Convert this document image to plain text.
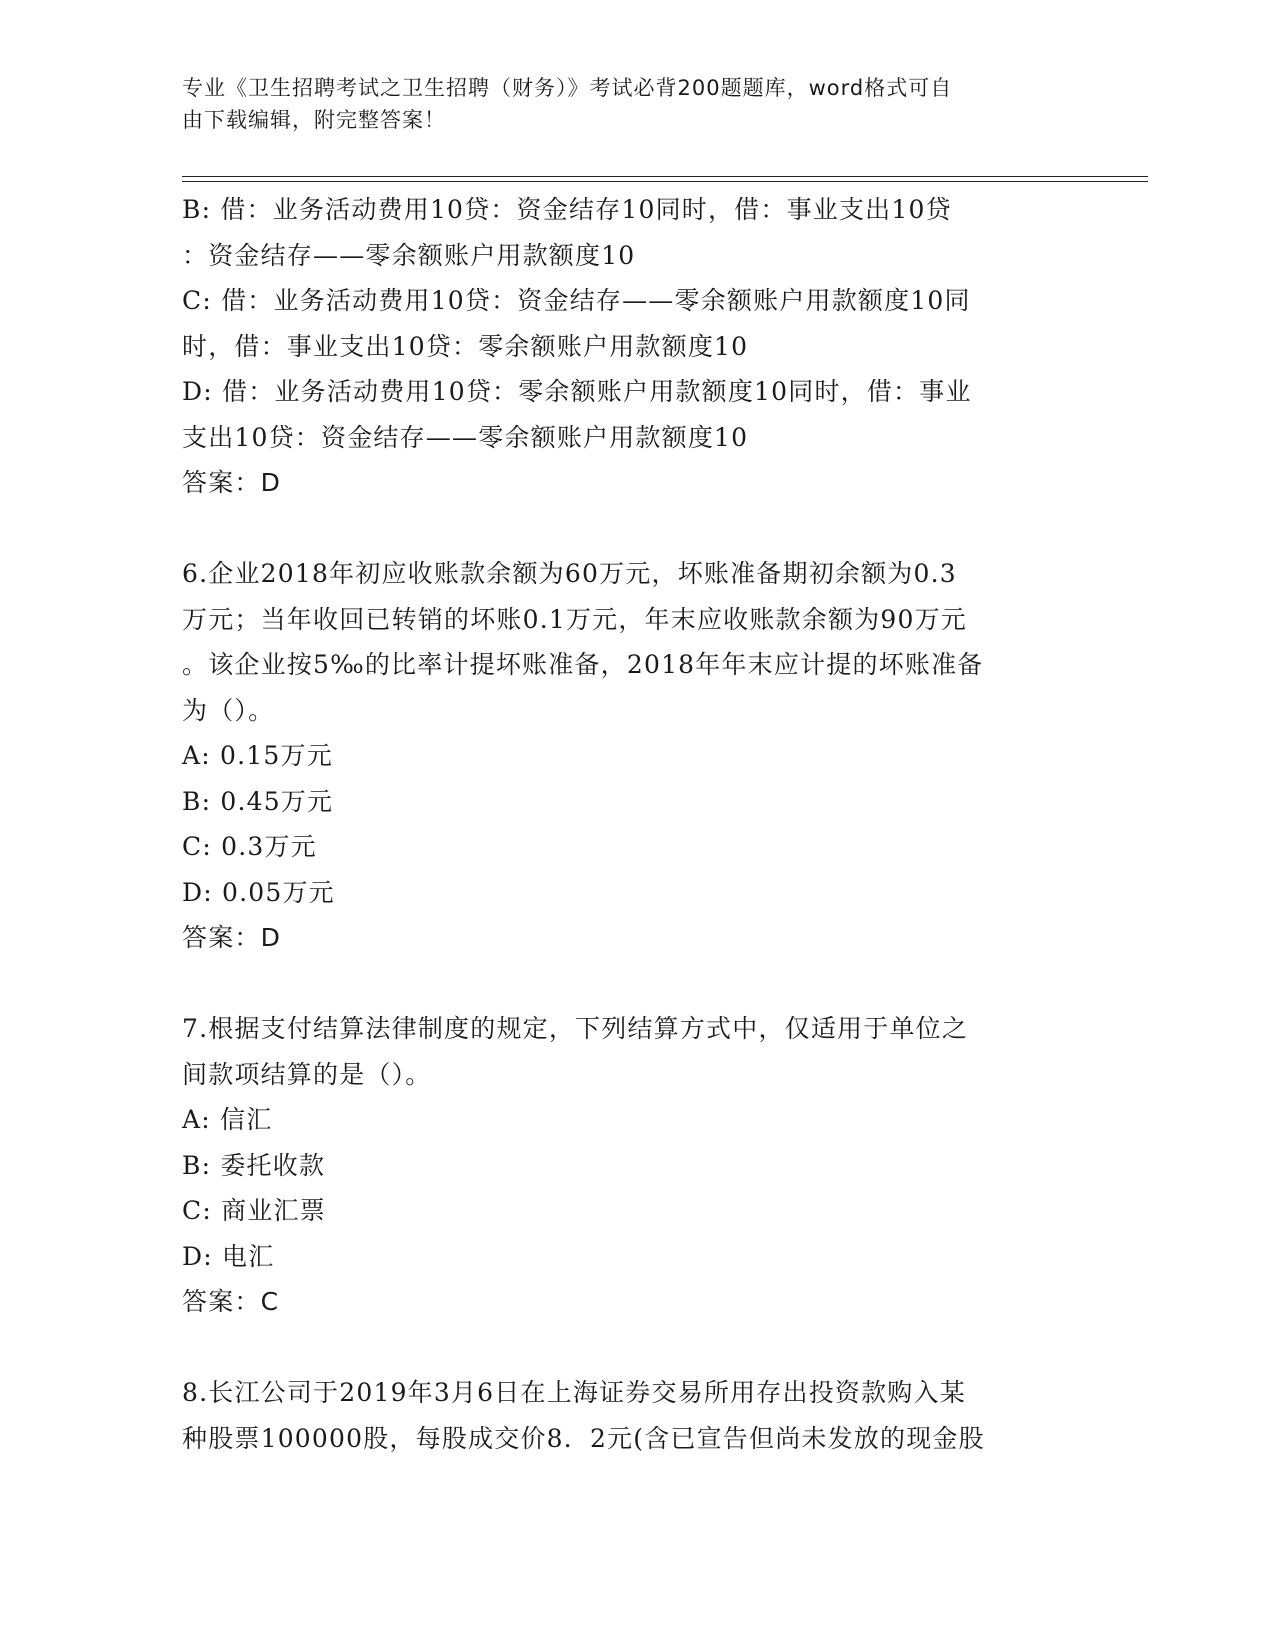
专业《卫生招聘考试之卫生招聘（财务）》考试必背200题题库，word格式可自
由下载编辑，附完整答案！
B: 借：业务活动费用10贷：资金结存10同时，借：事业支出10贷
：资金结存——零余额账户用款额度10
C: 借：业务活动费用10贷：资金结存——零余额账户用款额度10同
时，借：事业支出10贷：零余额账户用款额度10
D: 借：业务活动费用10贷：零余额账户用款额度10同时，借：事业
支出10贷：资金结存——零余额账户用款额度10
答案：D
6.企业2018年初应收账款余额为60万元，坏账准备期初余额为0.3
万元；当年收回已转销的坏账0.1万元，年末应收账款余额为90万元
。该企业按5‰的比率计提坏账准备，2018年年末应计提的坏账准备
为（）。
A: 0.15万元
B: 0.45万元
C: 0.3万元
D: 0.05万元
答案：D
7.根据支付结算法律制度的规定，下列结算方式中，仅适用于单位之
间款项结算的是（）。
A: 信汇
B: 委托收款
C: 商业汇票
D: 电汇
答案：C
8.长江公司于2019年3月6日在上海证券交易所用存出投资款购入某
种股票100000股，每股成交价8．2元(含已宣告但尚未发放的现金股
